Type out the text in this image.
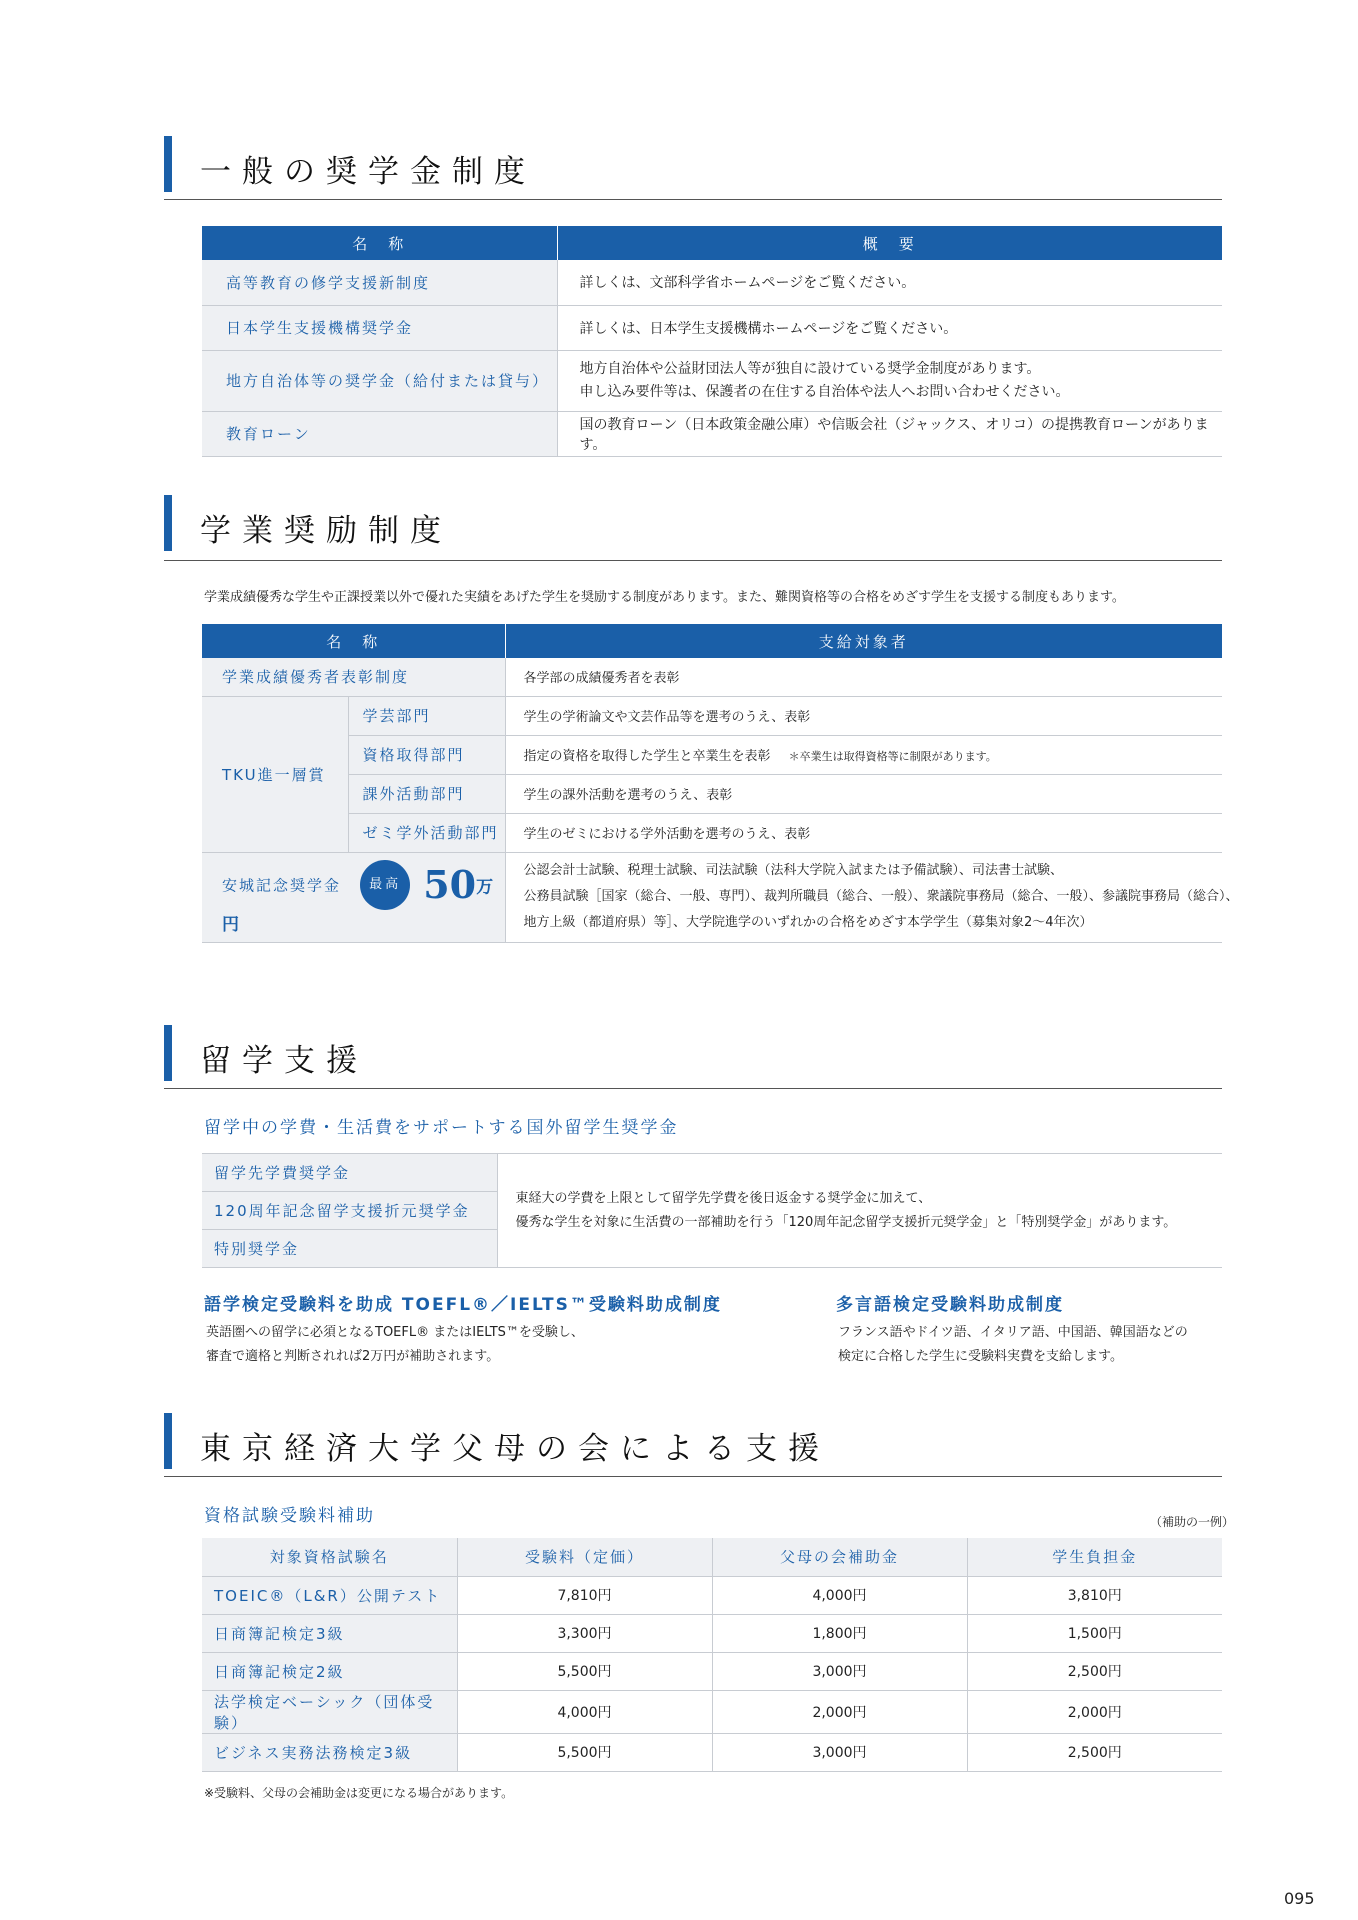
一般の奨学金制度
名　称	概　要
高等教育の修学支援新制度	詳しくは、文部科学省ホームページをご覧ください。
日本学生支援機構奨学金	詳しくは、日本学生支援機構ホームページをご覧ください。
地方自治体等の奨学金（給付または貸与）	地方自治体や公益財団法人等が独自に設けている奨学金制度があります。
申し込み要件等は、保護者の在住する自治体や法人へお問い合わせください。

教育ローン	国の教育ローン（日本政策金融公庫）や信販会社（ジャックス、オリコ）の提携教育ローンがあります。
学業奨励制度
学業成績優秀な学生や正課授業以外で優れた実績をあげた学生を奨励する制度があります。また、難関資格等の合格をめざす学生を支援する制度もあります。
名　称		支給対象者
学業成績優秀者表彰制度		各学部の成績優秀者を表彰
TKU進一層賞	学芸部門	学生の学術論文や文芸作品等を選考のうえ、表彰
	資格取得部門	指定の資格を取得した学生と卒業生を表彰 ＊卒業生は取得資格等に制限があります。
	課外活動部門	学生の課外活動を選考のうえ、表彰
	ゼミ学外活動部門	学生のゼミにおける学外活動を選考のうえ、表彰
安城記念奨学金 最高 50万円		公認会計士試験、税理士試験、司法試験（法科大学院入試または予備試験）、司法書士試験、
公務員試験［国家（総合、一般、専門）、裁判所職員（総合、一般）、衆議院事務局（総合、一般）、参議院事務局（総合）、
地方上級（都道府県）等］、大学院進学のいずれかの合格をめざす本学学生（募集対象2〜4年次）
留学支援
留学中の学費・生活費をサポートする国外留学生奨学金
留学先学費奨学金	
東経大の学費を上限として留学先学費を後日返金する奨学金に加えて、
優秀な学生を対象に生活費の一部補助を行う「120周年記念留学支援折元奨学金」と「特別奨学金」があります。

120周年記念留学支援折元奨学金
特別奨学金
語学検定受験料を助成 TOEFL®／IELTS™受験料助成制度
英語圏への留学に必須となるTOEFL® またはIELTS™を受験し、
審査で適格と判断されれば2万円が補助されます。
多言語検定受験料助成制度
フランス語やドイツ語、イタリア語、中国語、韓国語などの
検定に合格した学生に受験料実費を支給します。
東京経済大学父母の会による支援
資格試験受験料補助	（補助の一例）
対象資格試験名	受験料（定価）	父母の会補助金	学生負担金
TOEIC®（L&R）公開テスト	7,810円	4,000円	3,810円
日商簿記検定3級	3,300円	1,800円	1,500円
日商簿記検定2級	5,500円	3,000円	2,500円
法学検定ベーシック（団体受験）	4,000円	2,000円	2,000円
ビジネス実務法務検定3級	5,500円	3,000円	2,500円
※受験料、父母の会補助金は変更になる場合があります。
095
